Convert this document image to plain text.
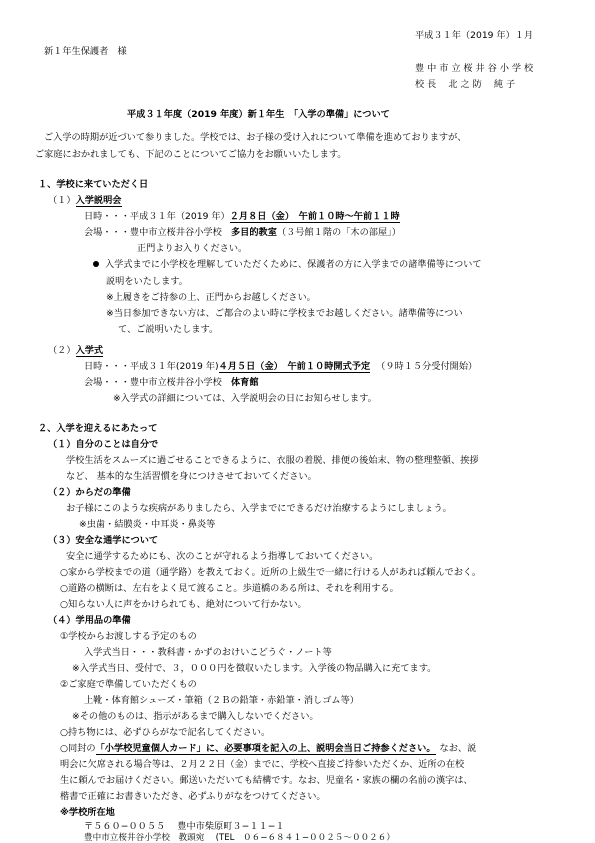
平成３１年（2019 年）１月
新１年生保護者　様
豊 中 市 立 桜 井 谷 小 学 校
校 長　 北 之 防　 純 子
平成３１年度（2019 年度）新１年生　「入学の準備」について
ご入学の時期が近づいて参りました。学校では、お子様の受け入れについて準備を進めておりますが、
ご家庭におかれましても、下記のことについてご協力をお願いいたします。
１、学校に来ていただく日
（１）入学説明会
日時・・・平成３１年（2019 年）２月８日（金）　午前１０時〜午前１１時
会場・・・豊中市立桜井谷小学校　多目的教室（３号館１階の「木の部屋」）
正門よりお入りください。
入学式までに小学校を理解していただくために、保護者の方に入学までの諸準備等について
説明をいたします。
※上履きをご持参の上、正門からお越しください。
※当日参加できない方は、ご都合のよい時に学校までお越しください。諸準備等につい
て、ご説明いたします。
（２）入学式
日時・・・平成３１年(2019 年)４月５日（金）　午前１０時開式予定 （９時１５分受付開始）
会場・・・豊中市立桜井谷小学校　体育館
※入学式の詳細については、入学説明会の日にお知らせします。
２、入学を迎えるにあたって
（１）自分のことは自分で
学校生活をスムーズに過ごせることできるように、衣服の着脱、排便の後始末、物の整理整頓、挨拶
など、 基本的な生活習慣を身につけさせておいてください。
（２）からだの準備
お子様にこのような疾病がありましたら、入学までにできるだけ治療するようにしましょう。
※虫歯・結膜炎・中耳炎・鼻炎等
（３）安全な通学について
安全に通学するためにも、次のことが守れるよう指導しておいてください。
○家から学校までの道（通学路）を教えておく。近所の上級生で一緒に行ける人があれば頼んでおく。
○道路の横断は、左右をよく見て渡ること。歩道橋のある所は、それを利用する。
○知らない人に声をかけられても、絶対について行かない。
（４）学用品の準備
①学校からお渡しする予定のもの
入学式当日・・・教科書・かずのおけいこどうぐ・ノート等
※入学式当日、受付で、３，０００円を徴収いたします。入学後の物品購入に充てます。
②ご家庭で準備していただくもの
上靴・体育館シューズ・筆箱（２Ｂの鉛筆・赤鉛筆・消しゴム等）
※その他のものは、指示があるまで購入しないでください。
○持ち物には、必ずひらがなで記名してください。
○同封の「小学校児童個人カード」に、必要事項を記入の上、説明会当日ご持参ください。 なお、説
明会に欠席される場合等は、２月２２日（金）までに、学校へ直接ご持参いただくか、近所の在校
生に頼んでお届けください。郵送いただいても結構です。なお、児童名・家族の欄の名前の漢字は、
楷書で正確にお書きいただき、必ずふりがなをつけてください。
※学校所在地
〒５６０−００５５　 豊中市柴原町３−１１−１
豊中市立桜井谷小学校　教頭宛　 (TEL　０６−６８４１−００２５〜００２６）
